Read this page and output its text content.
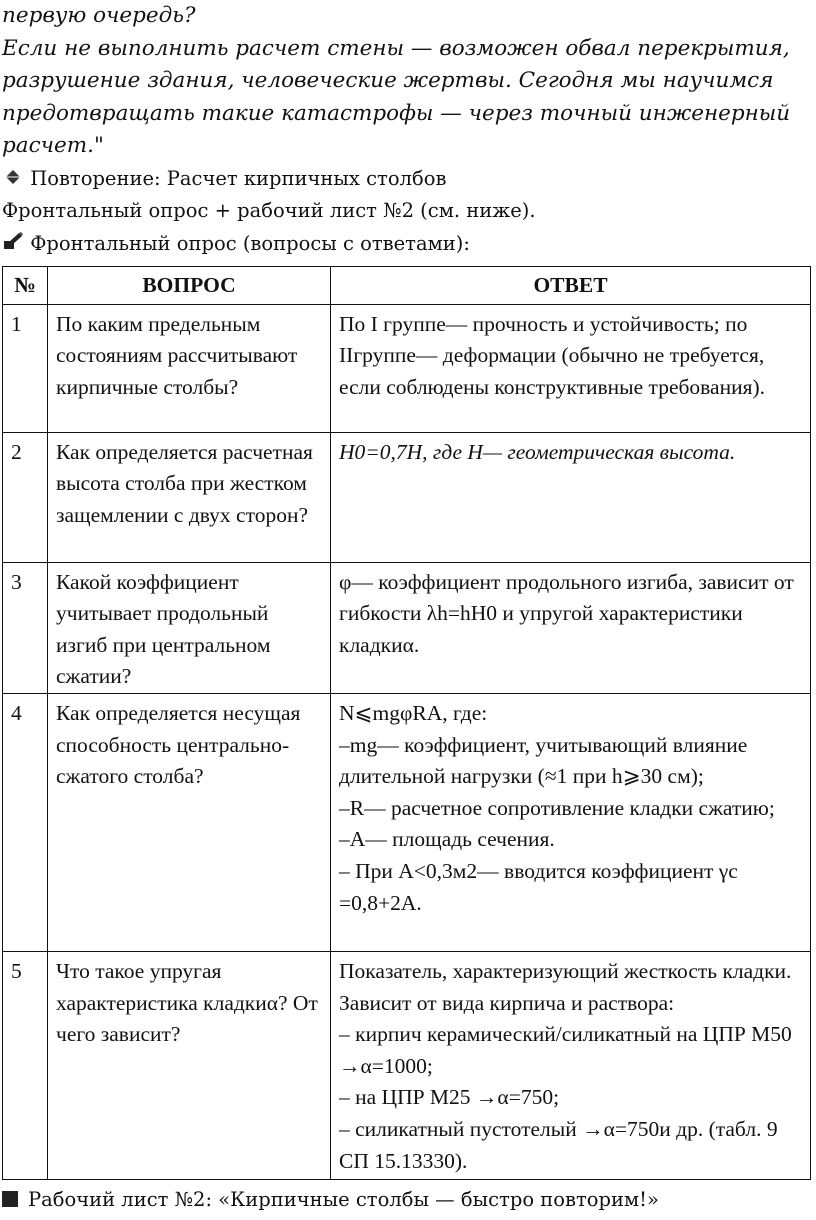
первую очередь?

Если не выполнить расчет стены — возможен обвал перекрытия,

разрушение здания, человеческие жертвы. Сегодня мы научимся

предотвращать такие катастрофы — через точный инженерный

расчет."

Повторение: Расчет кирпичных столбов

Фронтальный опрос + рабочий лист №2 (см. ниже).

Фронтальный опрос (вопросы с ответами):

№	ВОПРОС	ОТВЕТ
1	По каким предельным состояниям рассчитывают кирпичные столбы?	По I группе— прочность и устойчивость; по IIгруппе— деформации (обычно не требуется, если соблюдены конструктивные требования).

2	Как определяется расчетная высота столба при жестком защемлении с двух сторон?	H0=0,7H, где H— геометрическая высота.

3	Какой коэффициент учитывает продольный изгиб при центральном сжатии?	φ— коэффициент продольного изгиба, зависит от гибкости λh=hH0 и упругой характеристики кладкиα.

4	Как определяется несущая способность центрально-сжатого столба?	N⩽mgφRA, где:
–mg— коэффициент, учитывающий влияние длительной нагрузки (≈1 при h⩾30 см);
–R— расчетное сопротивление кладки сжатию;
–A— площадь сечения.
– При A<0,3м2— вводится коэффициент γc =0,8+2A.

5	Что такое упругая характеристика кладкиα? От чего зависит?	Показатель, характеризующий жесткость кладки. Зависит от вида кирпича и раствора:
– кирпич керамический/силикатный на ЦПР М50 →α=1000;
– на ЦПР М25 →α=750;
– силикатный пустотелый →α=750и др. (табл. 9 СП 15.13330).
Рабочий лист №2: «Кирпичные столбы — быстро повторим!»
